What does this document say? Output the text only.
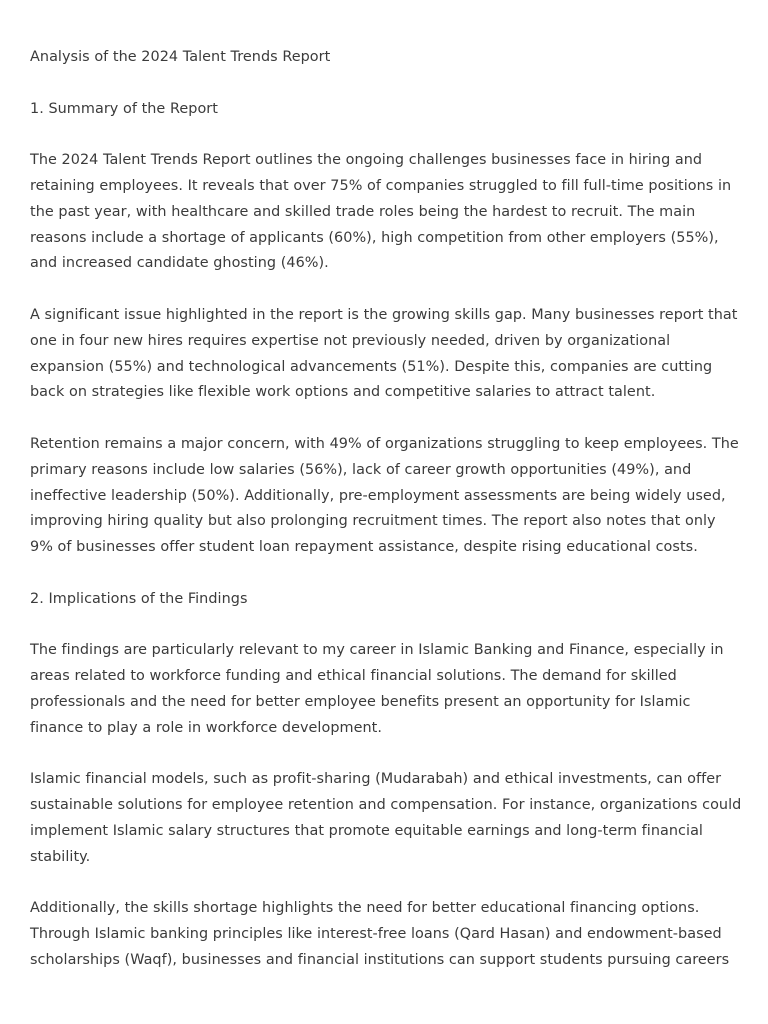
Analysis of the 2024 Talent Trends Report

1. Summary of the Report

The 2024 Talent Trends Report outlines the ongoing challenges businesses face in hiring and retaining employees. It reveals that over 75% of companies struggled to fill full-time positions in the past year, with healthcare and skilled trade roles being the hardest to recruit. The main reasons include a shortage of applicants (60%), high competition from other employers (55%), and increased candidate ghosting (46%).

A significant issue highlighted in the report is the growing skills gap. Many businesses report that one in four new hires requires expertise not previously needed, driven by organizational expansion (55%) and technological advancements (51%). Despite this, companies are cutting back on strategies like flexible work options and competitive salaries to attract talent.

Retention remains a major concern, with 49% of organizations struggling to keep employees. The primary reasons include low salaries (56%), lack of career growth opportunities (49%), and ineffective leadership (50%). Additionally, pre-employment assessments are being widely used, improving hiring quality but also prolonging recruitment times. The report also notes that only 9% of businesses offer student loan repayment assistance, despite rising educational costs.

2. Implications of the Findings

The findings are particularly relevant to my career in Islamic Banking and Finance, especially in areas related to workforce funding and ethical financial solutions. The demand for skilled professionals and the need for better employee benefits present an opportunity for Islamic finance to play a role in workforce development.

Islamic financial models, such as profit-sharing (Mudarabah) and ethical investments, can offer sustainable solutions for employee retention and compensation. For instance, organizations could implement Islamic salary structures that promote equitable earnings and long-term financial stability.

Additionally, the skills shortage highlights the need for better educational financing options. Through Islamic banking principles like interest-free loans (Qard Hasan) and endowment-based scholarships (Waqf), businesses and financial institutions can support students pursuing careers
